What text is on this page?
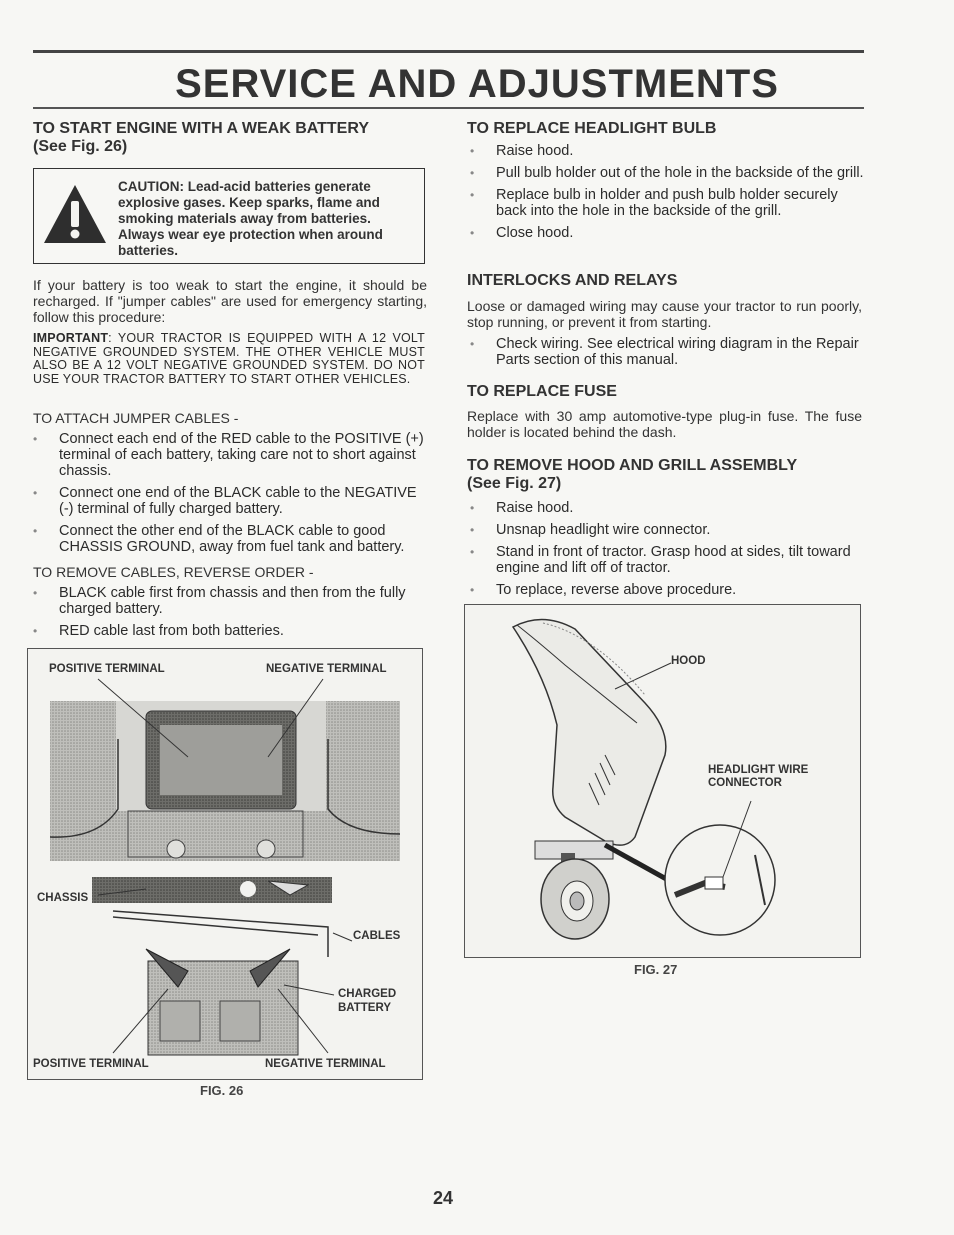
SERVICE AND ADJUSTMENTS
TO START ENGINE WITH A WEAK BATTERY
(See Fig. 26)
CAUTION: Lead-acid batteries generate explosive gases. Keep sparks, flame and smoking materials away from batteries. Always wear eye protection when around batteries.

If your battery is too weak to start the engine, it should be recharged. If "jumper cables" are used for emergency starting, follow this procedure:

IMPORTANT: YOUR TRACTOR IS EQUIPPED WITH A 12 VOLT NEGATIVE GROUNDED SYSTEM. THE OTHER VEHICLE MUST ALSO BE A 12 VOLT NEGATIVE GROUNDED SYSTEM. DO NOT USE YOUR TRACTOR BATTERY TO START OTHER VEHICLES.

TO ATTACH JUMPER CABLES -

• Connect each end of the RED cable to the POSITIVE (+) terminal of each battery, taking care not to short against chassis.
• Connect one end of the BLACK cable to the NEGATIVE (-) terminal of fully charged battery.
• Connect the other end of the BLACK cable to good CHASSIS GROUND, away from fuel tank and battery.

TO REMOVE CABLES, REVERSE ORDER -

• BLACK cable first from chassis and then from the fully charged battery.
• RED cable last from both batteries.
POSITIVE TERMINAL	NEGATIVE TERMINAL
CHASSIS
CABLES
CHARGED
BATTERY
POSITIVE TERMINAL	NEGATIVE TERMINAL
FIG. 26
TO REPLACE HEADLIGHT BULB
• Raise hood.
• Pull bulb holder out of the hole in the backside of the grill.
• Replace bulb in holder and push bulb holder securely back into the hole in the backside of the grill.
• Close hood.
INTERLOCKS AND RELAYS

Loose or damaged wiring may cause your tractor to run poorly, stop running, or prevent it from starting.

• Check wiring. See electrical wiring diagram in the Repair Parts section of this manual.
TO REPLACE FUSE

Replace with 30 amp automotive-type plug-in fuse. The fuse holder is located behind the dash.

TO REMOVE HOOD AND GRILL ASSEMBLY
(See Fig. 27)
• Raise hood.
• Unsnap headlight wire connector.
• Stand in front of tractor. Grasp hood at sides, tilt toward engine and lift off of tractor.
• To replace, reverse above procedure.
HOOD
HEADLIGHT WIRE
CONNECTOR
FIG. 27
24
